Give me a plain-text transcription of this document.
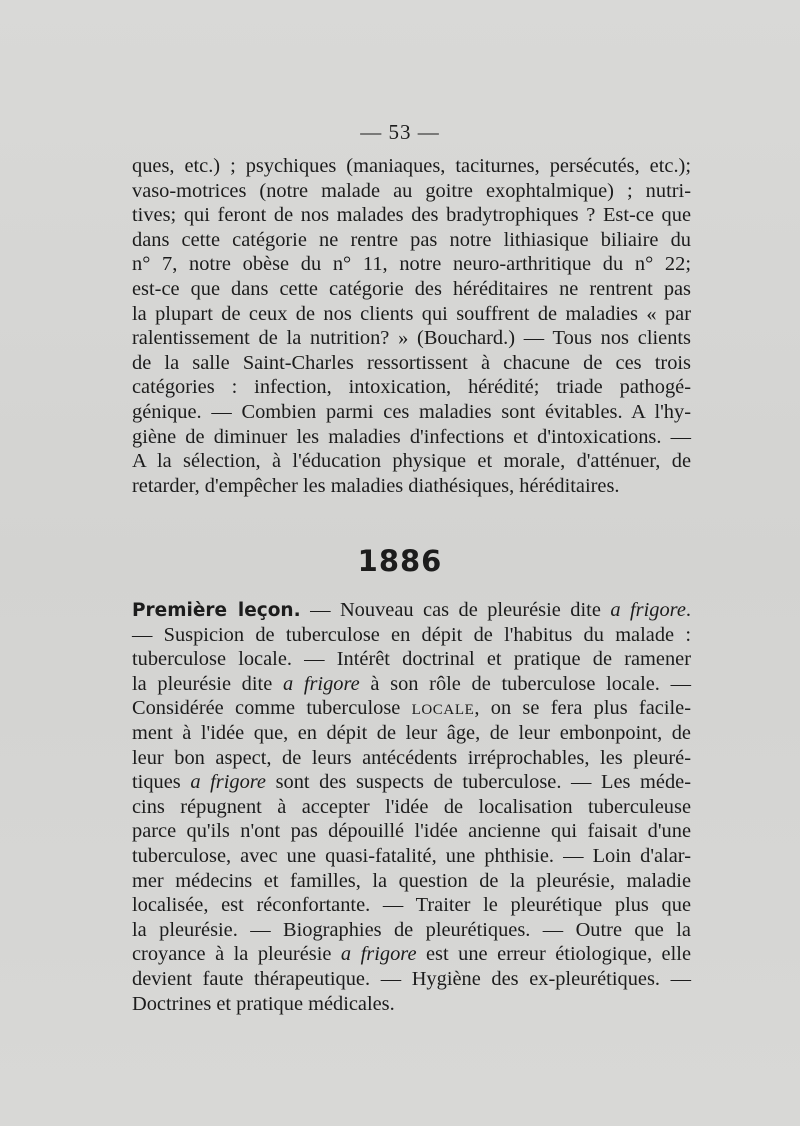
— 53 —
ques, etc.) ; psychiques (maniaques, taciturnes, persécutés, etc.);
vaso-motrices (notre malade au goitre exophtalmique) ; nutri-
tives; qui feront de nos malades des bradytrophiques ? Est-ce que
dans cette catégorie ne rentre pas notre lithiasique biliaire du
n° 7, notre obèse du n° 11, notre neuro-arthritique du n° 22;
est-ce que dans cette catégorie des héréditaires ne rentrent pas
la plupart de ceux de nos clients qui souffrent de maladies « par
ralentissement de la nutrition? » (Bouchard.) — Tous nos clients
de la salle Saint-Charles ressortissent à chacune de ces trois
catégories : infection, intoxication, hérédité; triade pathogé-
génique. — Combien parmi ces maladies sont évitables. A l'hy-
giène de diminuer les maladies d'infections et d'intoxications. —
A la sélection, à l'éducation physique et morale, d'atténuer, de
retarder, d'empêcher les maladies diathésiques, héréditaires.
1886
Première leçon. — Nouveau cas de pleurésie dite a frigore.
— Suspicion de tuberculose en dépit de l'habitus du malade :
tuberculose locale. — Intérêt doctrinal et pratique de ramener
la pleurésie dite a frigore à son rôle de tuberculose locale. —
Considérée comme tuberculose LOCALE, on se fera plus facile-
ment à l'idée que, en dépit de leur âge, de leur embonpoint, de
leur bon aspect, de leurs antécédents irréprochables, les pleuré-
tiques a frigore sont des suspects de tuberculose. — Les méde-
cins répugnent à accepter l'idée de localisation tuberculeuse
parce qu'ils n'ont pas dépouillé l'idée ancienne qui faisait d'une
tuberculose, avec une quasi-fatalité, une phthisie. — Loin d'alar-
mer médecins et familles, la question de la pleurésie, maladie
localisée, est réconfortante. — Traiter le pleurétique plus que
la pleurésie. — Biographies de pleurétiques. — Outre que la
croyance à la pleurésie a frigore est une erreur étiologique, elle
devient faute thérapeutique. — Hygiène des ex-pleurétiques. —
Doctrines et pratique médicales.
